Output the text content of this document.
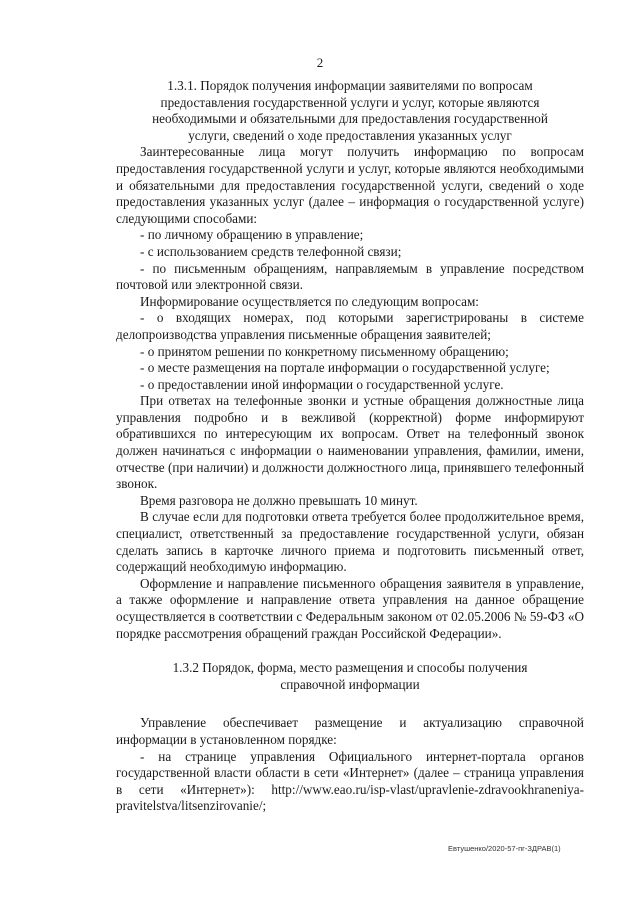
2

1.3.1. Порядок получения информации заявителями по вопросам предоставления государственной услуги и услуг, которые являются необходимыми и обязательными для предоставления государственной услуги, сведений о ходе предоставления указанных услуг

Заинтересованные лица могут получить информацию по вопросам предоставления государственной услуги и услуг, которые являются необходимыми и обязательными для предоставления государственной услуги, сведений о ходе предоставления указанных услуг (далее – информация о государственной услуге) следующими способами:

- по личному обращению в управление;

- с использованием средств телефонной связи;

- по письменным обращениям, направляемым в управление посредством почтовой или электронной связи.

Информирование осуществляется по следующим вопросам:

- о входящих номерах, под которыми зарегистрированы в системе делопроизводства управления письменные обращения заявителей;

- о принятом решении по конкретному письменному обращению;

- о месте размещения на портале информации о государственной услуге;

- о предоставлении иной информации о государственной услуге.

При ответах на телефонные звонки и устные обращения должностные лица управления подробно и в вежливой (корректной) форме информируют обратившихся по интересующим их вопросам. Ответ на телефонный звонок должен начинаться с информации о наименовании управления, фамилии, имени, отчестве (при наличии) и должности должностного лица, принявшего телефонный звонок.

Время разговора не должно превышать 10 минут.

В случае если для подготовки ответа требуется более продолжительное время, специалист, ответственный за предоставление государственной услуги, обязан сделать запись в карточке личного приема и подготовить письменный ответ, содержащий необходимую информацию.

Оформление и направление письменного обращения заявителя в управление, а также оформление и направление ответа управления на данное обращение осуществляется в соответствии с Федеральным законом от 02.05.2006 № 59-ФЗ «О порядке рассмотрения обращений граждан Российской Федерации».

1.3.2 Порядок, форма, место размещения и способы получения справочной информации

Управление обеспечивает размещение и актуализацию справочной информации в установленном порядке:

- на странице управления Официального интернет-портала органов государственной власти области в сети «Интернет» (далее – страница управления в сети «Интернет»): http://www.eao.ru/isp-vlast/upravlenie-zdravookhraneniya-pravitelstva/litsenzirovanie/;

Евтушенко/2020-57-пг-ЗДРАВ(1)
